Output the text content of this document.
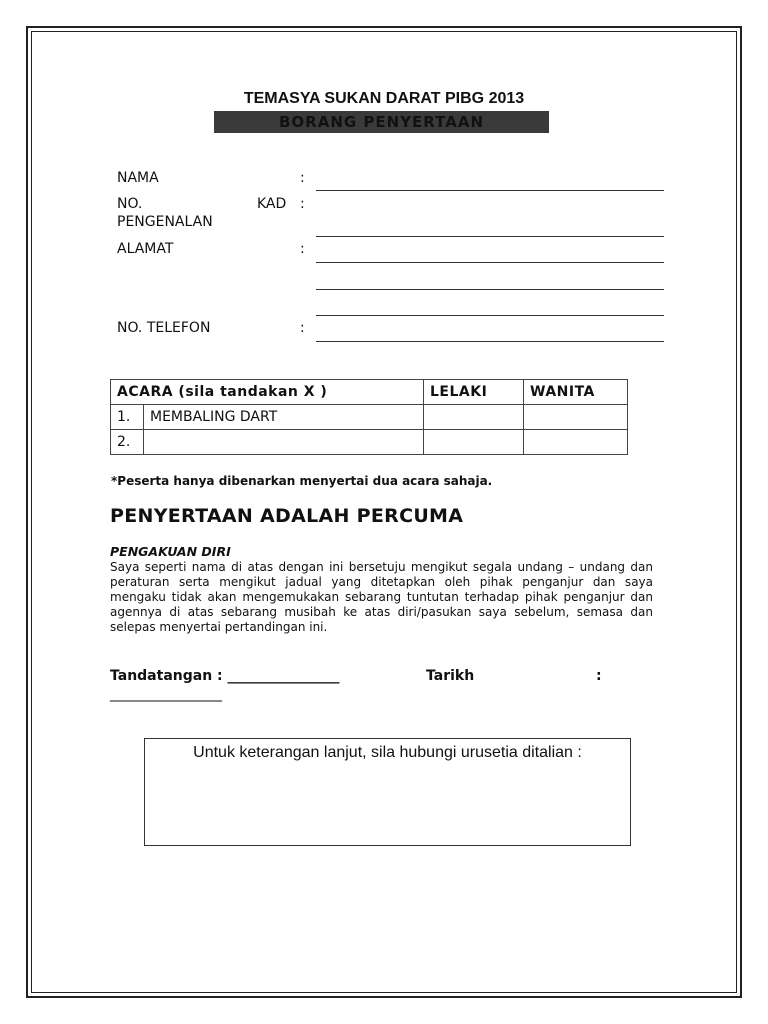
TEMASYA SUKAN DARAT PIBG 2013
BORANG PENYERTAAN
NAMA	:
NO.	KAD :
PENGENALAN
ALAMAT	:
NO. TELEFON	:
ACARA (sila tandakan X )		LELAKI	WANITA
1.	MEMBALING DART		
2.			
*Peserta hanya dibenarkan menyertai dua acara sahaja.
PENYERTAAN ADALAH PERCUMA
PENGAKUAN DIRI
Saya seperti nama di atas dengan ini bersetuju mengikut segala undang – undang dan peraturan serta mengikut jadual yang ditetapkan oleh pihak penganjur dan saya mengaku tidak akan mengemukakan sebarang tuntutan terhadap pihak penganjur dan agennya di atas sebarang musibah ke atas diri/pasukan saya sebelum, semasa dan selepas menyertai pertandingan ini.
Tandatangan : ________________	Tarikh	:
________________
Untuk keterangan lanjut, sila hubungi urusetia ditalian :
